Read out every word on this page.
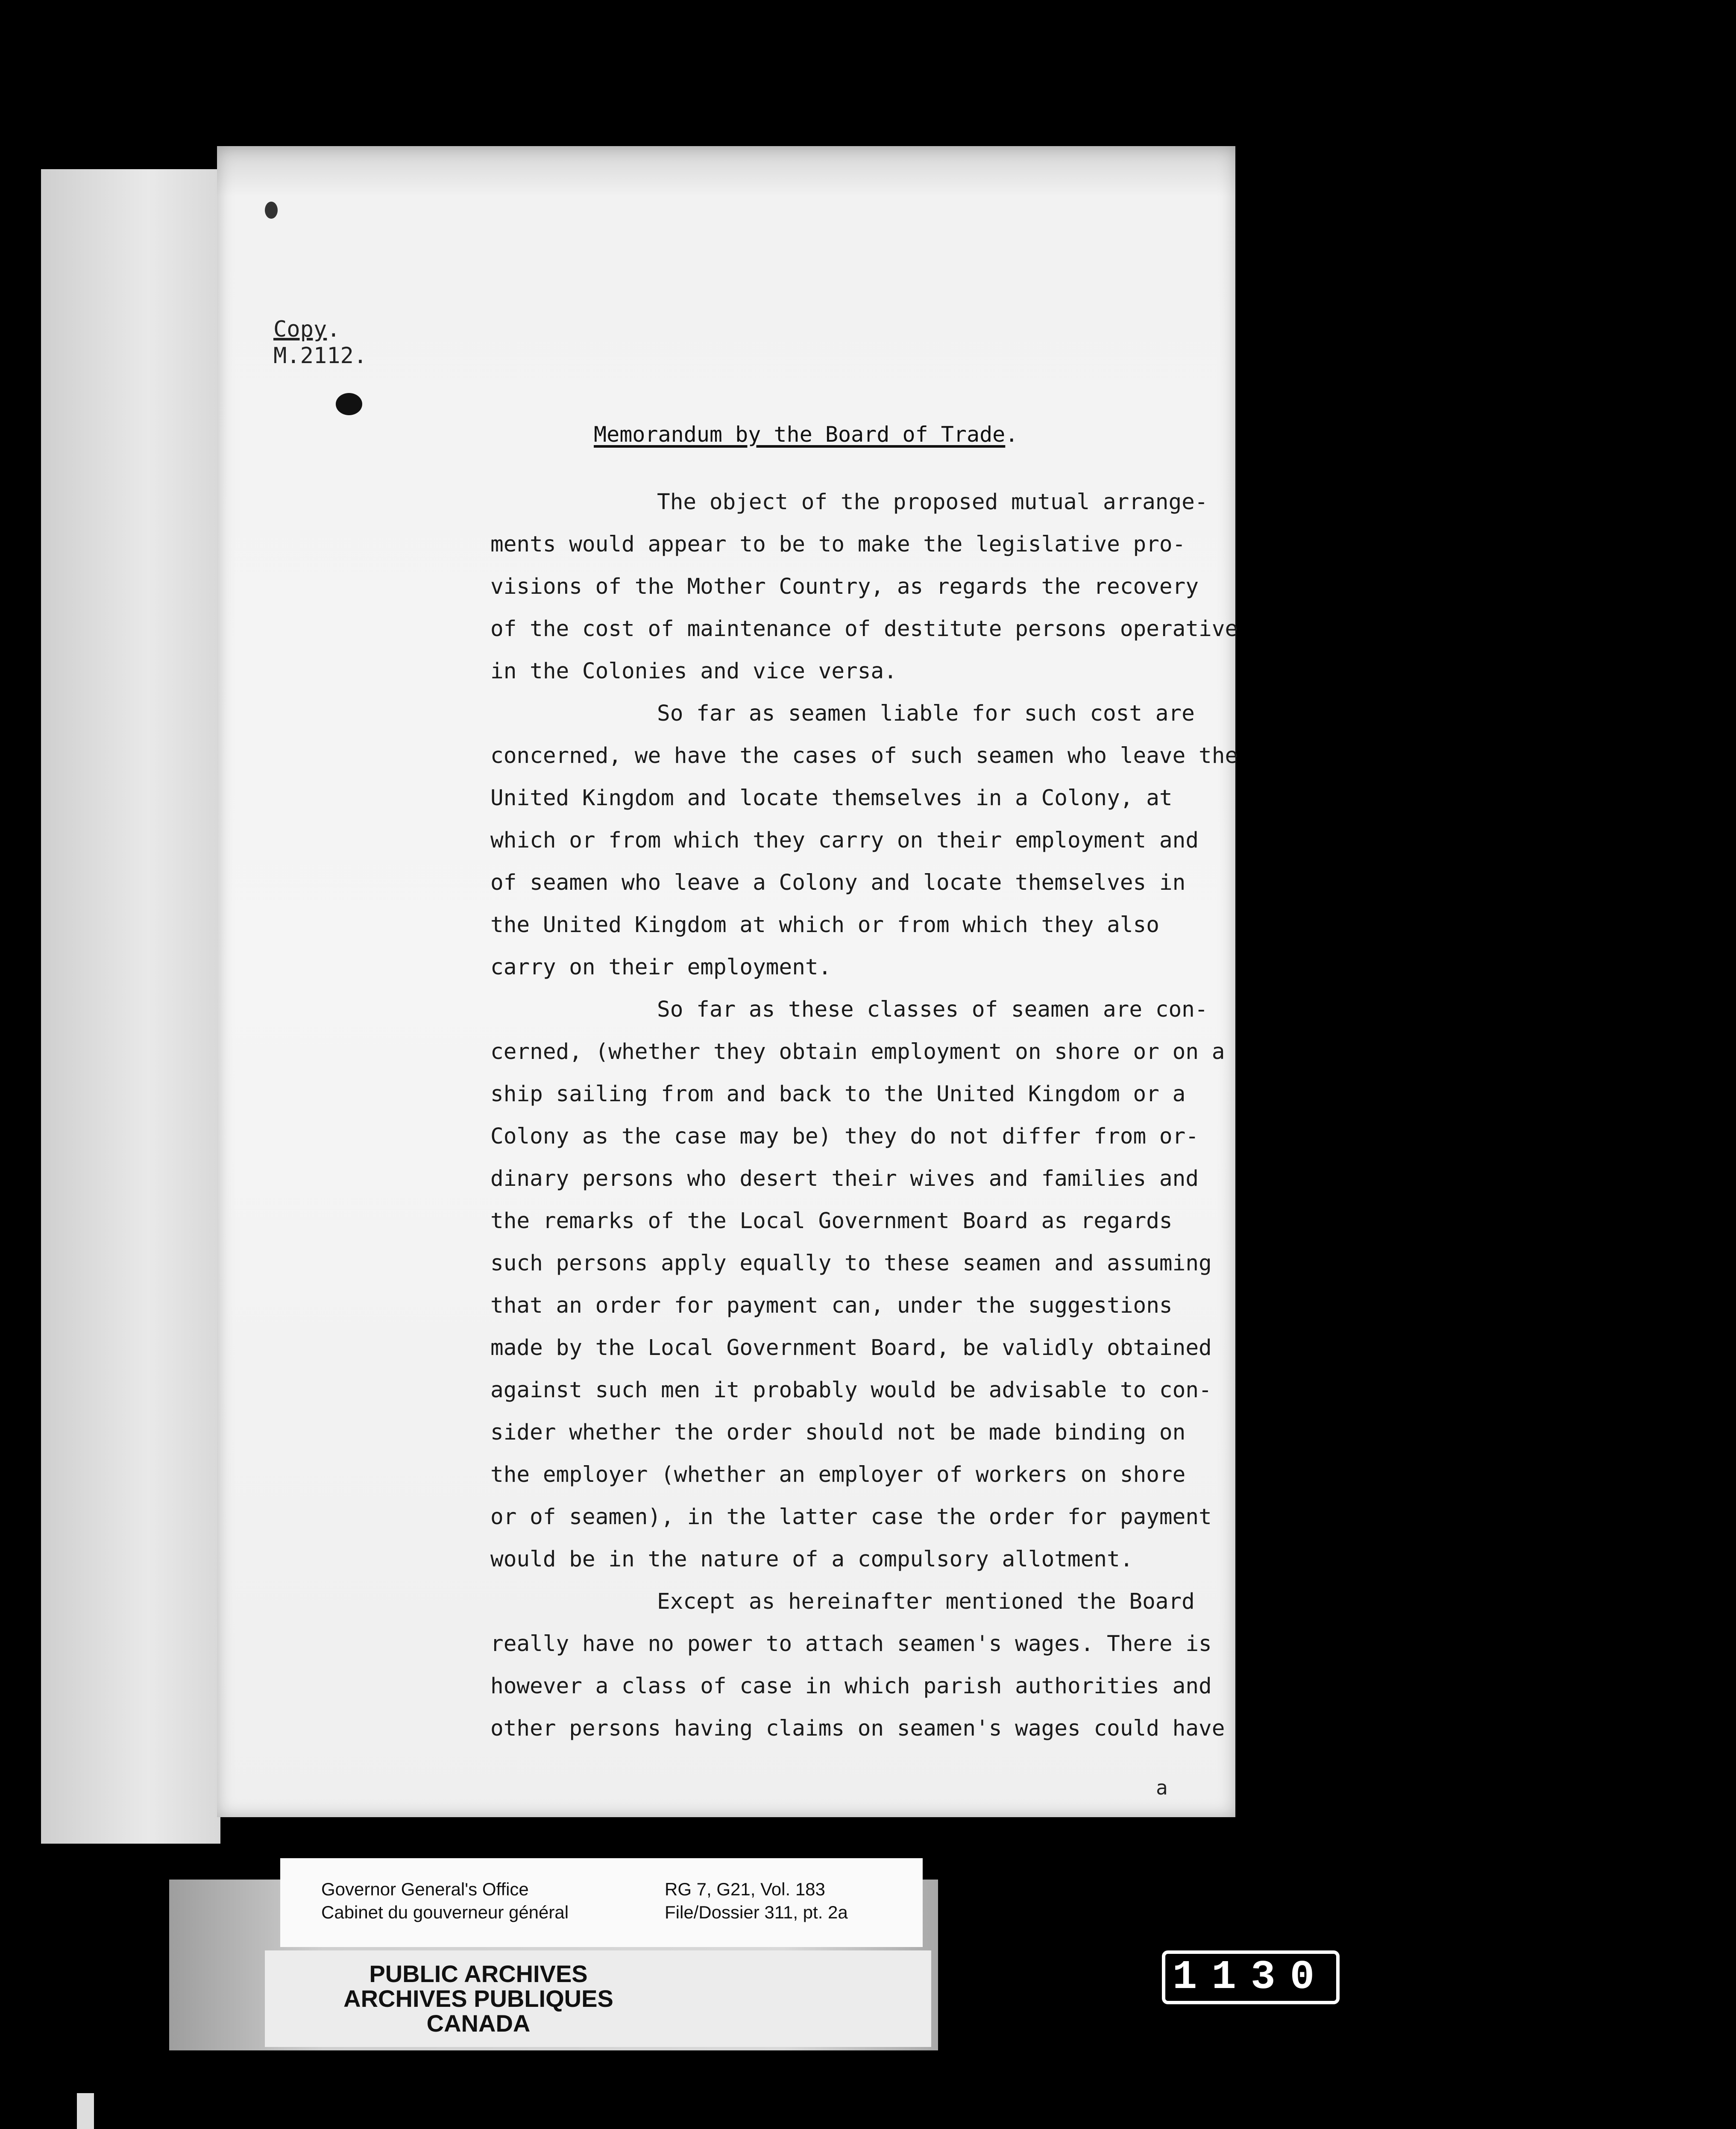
Copy.
M.2112.
Memorandum by the Board of Trade.
The object of the proposed mutual arrange-
ments would appear to be to make the legislative pro-
visions of the Mother Country, as regards the recovery
of the cost of maintenance of destitute persons operative
in the Colonies and vice versa.
So far as seamen liable for such cost are
concerned, we have the cases of such seamen who leave the
United Kingdom and locate themselves in a Colony, at
which or from which they carry on their employment and
of seamen who leave a Colony and locate themselves in
the United Kingdom at which or from which they also
carry on their employment.
So far as these classes of seamen are con-
cerned, (whether they obtain employment on shore or on a
ship sailing from and back to the United Kingdom or a
Colony as the case may be) they do not differ from or-
dinary persons who desert their wives and families and
the remarks of the Local Government Board as regards
such persons apply equally to these seamen and assuming
that an order for payment can, under the suggestions
made by the Local Government Board, be validly obtained
against such men it probably would be advisable to con-
sider whether the order should not be made binding on
the employer (whether an employer of workers on shore
or of seamen), in the latter case the order for payment
would be in the nature of a compulsory allotment.
Except as hereinafter mentioned the Board
really have no power to attach seamen's wages. There is
however a class of case in which parish authorities and
other persons having claims on seamen's wages could have
a
Governor General's Office
Cabinet du gouverneur général
RG 7, G21, Vol. 183
File/Dossier 311, pt. 2a
PUBLIC ARCHIVES
ARCHIVES PUBLIQUES
CANADA
1130
